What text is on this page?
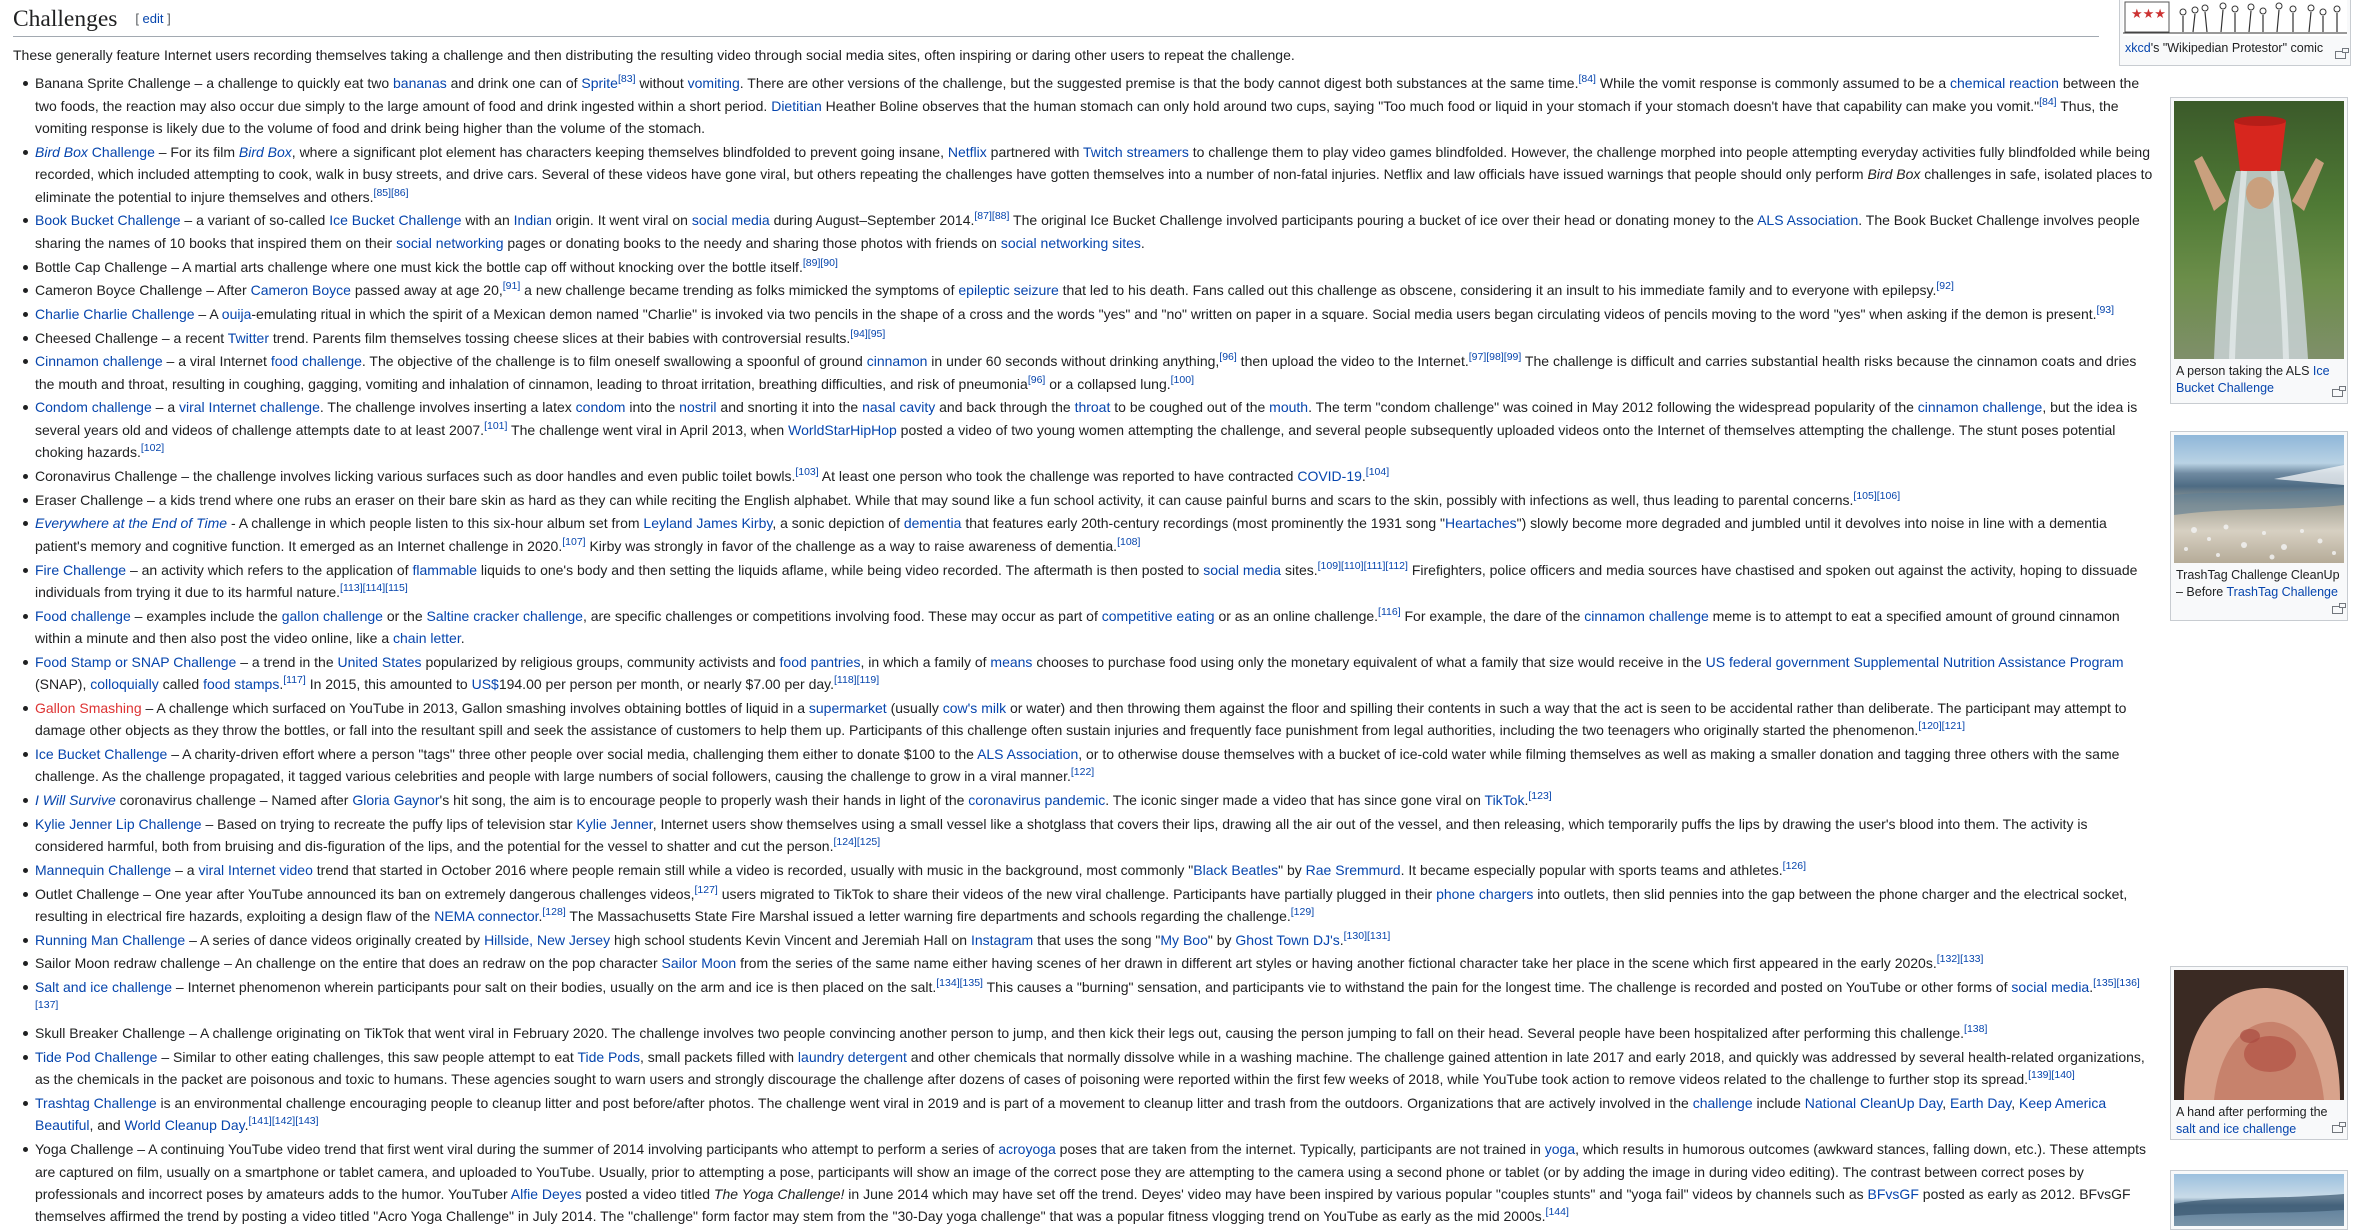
Challenges [ edit ]

These generally feature Internet users recording themselves taking a challenge and then distributing the resulting video through social media sites, often inspiring or daring other users to repeat the challenge.

Banana Sprite Challenge – a challenge to quickly eat two bananas and drink one can of Sprite[83] without vomiting. There are other versions of the challenge, but the suggested premise is that the body cannot digest both substances at the same time.[84] While the vomit response is commonly assumed to be a chemical reaction between the two foods, the reaction may also occur due simply to the large amount of food and drink ingested within a short period. Dietitian Heather Boline observes that the human stomach can only hold around two cups, saying "Too much food or liquid in your stomach if your stomach doesn't have that capability can make you vomit."[84] Thus, the vomiting response is likely due to the volume of food and drink being higher than the volume of the stomach.
Bird Box Challenge – For its film Bird Box, where a significant plot element has characters keeping themselves blindfolded to prevent going insane, Netflix partnered with Twitch streamers to challenge them to play video games blindfolded. However, the challenge morphed into people attempting everyday activities fully blindfolded while being recorded, which included attempting to cook, walk in busy streets, and drive cars. Several of these videos have gone viral, but others repeating the challenges have gotten themselves into a number of non-fatal injuries. Netflix and law officials have issued warnings that people should only perform Bird Box challenges in safe, isolated places to eliminate the potential to injure themselves and others.[85][86]
Book Bucket Challenge – a variant of so-called Ice Bucket Challenge with an Indian origin. It went viral on social media during August–September 2014.[87][88] The original Ice Bucket Challenge involved participants pouring a bucket of ice over their head or donating money to the ALS Association. The Book Bucket Challenge involves people sharing the names of 10 books that inspired them on their social networking pages or donating books to the needy and sharing those photos with friends on social networking sites.
Bottle Cap Challenge – A martial arts challenge where one must kick the bottle cap off without knocking over the bottle itself.[89][90]
Cameron Boyce Challenge – After Cameron Boyce passed away at age 20,[91] a new challenge became trending as folks mimicked the symptoms of epileptic seizure that led to his death. Fans called out this challenge as obscene, considering it an insult to his immediate family and to everyone with epilepsy.[92]
Charlie Charlie Challenge – A ouija-emulating ritual in which the spirit of a Mexican demon named "Charlie" is invoked via two pencils in the shape of a cross and the words "yes" and "no" written on paper in a square. Social media users began circulating videos of pencils moving to the word "yes" when asking if the demon is present.[93]
Cheesed Challenge – a recent Twitter trend. Parents film themselves tossing cheese slices at their babies with controversial results.[94][95]
Cinnamon challenge – a viral Internet food challenge. The objective of the challenge is to film oneself swallowing a spoonful of ground cinnamon in under 60 seconds without drinking anything,[96] then upload the video to the Internet.[97][98][99] The challenge is difficult and carries substantial health risks because the cinnamon coats and dries the mouth and throat, resulting in coughing, gagging, vomiting and inhalation of cinnamon, leading to throat irritation, breathing difficulties, and risk of pneumonia[96] or a collapsed lung.[100]
Condom challenge – a viral Internet challenge. The challenge involves inserting a latex condom into the nostril and snorting it into the nasal cavity and back through the throat to be coughed out of the mouth. The term "condom challenge" was coined in May 2012 following the widespread popularity of the cinnamon challenge, but the idea is several years old and videos of challenge attempts date to at least 2007.[101] The challenge went viral in April 2013, when WorldStarHipHop posted a video of two young women attempting the challenge, and several people subsequently uploaded videos onto the Internet of themselves attempting the challenge. The stunt poses potential choking hazards.[102]
Coronavirus Challenge – the challenge involves licking various surfaces such as door handles and even public toilet bowls.[103] At least one person who took the challenge was reported to have contracted COVID-19.[104]
Eraser Challenge – a kids trend where one rubs an eraser on their bare skin as hard as they can while reciting the English alphabet. While that may sound like a fun school activity, it can cause painful burns and scars to the skin, possibly with infections as well, thus leading to parental concerns.[105][106]
Everywhere at the End of Time - A challenge in which people listen to this six-hour album set from Leyland James Kirby, a sonic depiction of dementia that features early 20th-century recordings (most prominently the 1931 song "Heartaches") slowly become more degraded and jumbled until it devolves into noise in line with a dementia patient's memory and cognitive function. It emerged as an Internet challenge in 2020.[107] Kirby was strongly in favor of the challenge as a way to raise awareness of dementia.[108]
Fire Challenge – an activity which refers to the application of flammable liquids to one's body and then setting the liquids aflame, while being video recorded. The aftermath is then posted to social media sites.[109][110][111][112] Firefighters, police officers and media sources have chastised and spoken out against the activity, hoping to dissuade individuals from trying it due to its harmful nature.[113][114][115]
Food challenge – examples include the gallon challenge or the Saltine cracker challenge, are specific challenges or competitions involving food. These may occur as part of competitive eating or as an online challenge.[116] For example, the dare of the cinnamon challenge meme is to attempt to eat a specified amount of ground cinnamon within a minute and then also post the video online, like a chain letter.
Food Stamp or SNAP Challenge – a trend in the United States popularized by religious groups, community activists and food pantries, in which a family of means chooses to purchase food using only the monetary equivalent of what a family that size would receive in the US federal government Supplemental Nutrition Assistance Program (SNAP), colloquially called food stamps.[117] In 2015, this amounted to US$194.00 per person per month, or nearly $7.00 per day.[118][119]
Gallon Smashing – A challenge which surfaced on YouTube in 2013, Gallon smashing involves obtaining bottles of liquid in a supermarket (usually cow's milk or water) and then throwing them against the floor and spilling their contents in such a way that the act is seen to be accidental rather than deliberate. The participant may attempt to damage other objects as they throw the bottles, or fall into the resultant spill and seek the assistance of customers to help them up. Participants of this challenge often sustain injuries and frequently face punishment from legal authorities, including the two teenagers who originally started the phenomenon.[120][121]
Ice Bucket Challenge – A charity-driven effort where a person "tags" three other people over social media, challenging them either to donate $100 to the ALS Association, or to otherwise douse themselves with a bucket of ice-cold water while filming themselves as well as making a smaller donation and tagging three others with the same challenge. As the challenge propagated, it tagged various celebrities and people with large numbers of social followers, causing the challenge to grow in a viral manner.[122]
I Will Survive coronavirus challenge – Named after Gloria Gaynor's hit song, the aim is to encourage people to properly wash their hands in light of the coronavirus pandemic. The iconic singer made a video that has since gone viral on TikTok.[123]
Kylie Jenner Lip Challenge – Based on trying to recreate the puffy lips of television star Kylie Jenner, Internet users show themselves using a small vessel like a shotglass that covers their lips, drawing all the air out of the vessel, and then releasing, which temporarily puffs the lips by drawing the user's blood into them. The activity is considered harmful, both from bruising and dis-figuration of the lips, and the potential for the vessel to shatter and cut the person.[124][125]
Mannequin Challenge – a viral Internet video trend that started in October 2016 where people remain still while a video is recorded, usually with music in the background, most commonly "Black Beatles" by Rae Sremmurd. It became especially popular with sports teams and athletes.[126]
Outlet Challenge – One year after YouTube announced its ban on extremely dangerous challenges videos,[127] users migrated to TikTok to share their videos of the new viral challenge. Participants have partially plugged in their phone chargers into outlets, then slid pennies into the gap between the phone charger and the electrical socket, resulting in electrical fire hazards, exploiting a design flaw of the NEMA connector.[128] The Massachusetts State Fire Marshal issued a letter warning fire departments and schools regarding the challenge.[129]
Running Man Challenge – A series of dance videos originally created by Hillside, New Jersey high school students Kevin Vincent and Jeremiah Hall on Instagram that uses the song "My Boo" by Ghost Town DJ's.[130][131]
Sailor Moon redraw challenge – An challenge on the entire that does an redraw on the pop character Sailor Moon from the series of the same name either having scenes of her drawn in different art styles or having another fictional character take her place in the scene which first appeared in the early 2020s.[132][133]
Salt and ice challenge – Internet phenomenon wherein participants pour salt on their bodies, usually on the arm and ice is then placed on the salt.[134][135] This causes a "burning" sensation, and participants vie to withstand the pain for the longest time. The challenge is recorded and posted on YouTube or other forms of social media.[135][136][137]
Skull Breaker Challenge – A challenge originating on TikTok that went viral in February 2020. The challenge involves two people convincing another person to jump, and then kick their legs out, causing the person jumping to fall on their head. Several people have been hospitalized after performing this challenge.[138]
Tide Pod Challenge – Similar to other eating challenges, this saw people attempt to eat Tide Pods, small packets filled with laundry detergent and other chemicals that normally dissolve while in a washing machine. The challenge gained attention in late 2017 and early 2018, and quickly was addressed by several health-related organizations, as the chemicals in the packet are poisonous and toxic to humans. These agencies sought to warn users and strongly discourage the challenge after dozens of cases of poisoning were reported within the first few weeks of 2018, while YouTube took action to remove videos related to the challenge to further stop its spread.[139][140]
Trashtag Challenge is an environmental challenge encouraging people to cleanup litter and post before/after photos. The challenge went viral in 2019 and is part of a movement to cleanup litter and trash from the outdoors. Organizations that are actively involved in the challenge include National CleanUp Day, Earth Day, Keep America Beautiful, and World Cleanup Day.[141][142][143]
Yoga Challenge – A continuing YouTube video trend that first went viral during the summer of 2014 involving participants who attempt to perform a series of acroyoga poses that are taken from the internet. Typically, participants are not trained in yoga, which results in humorous outcomes (awkward stances, falling down, etc.). These attempts are captured on film, usually on a smartphone or tablet camera, and uploaded to YouTube. Usually, prior to attempting a pose, participants will show an image of the correct pose they are attempting to the camera using a second phone or tablet (or by adding the image in during video editing). The contrast between correct poses by professionals and incorrect poses by amateurs adds to the humor. YouTuber Alfie Deyes posted a video titled The Yoga Challenge! in June 2014 which may have set off the trend. Deyes' video may have been inspired by various popular "couples stunts" and "yoga fail" videos by channels such as BFvsGF posted as early as 2012. BFvsGF themselves affirmed the trend by posting a video titled "Acro Yoga Challenge" in July 2014. The "challenge" form factor may stem from the "30-Day yoga challenge" that was a popular fitness vlogging trend on YouTube as early as the mid 2000s.[144]
★★★
xkcd's "Wikipedian Protestor" comic
A person taking the ALS Ice Bucket Challenge
TrashTag Challenge CleanUp – Before TrashTag Challenge
A hand after performing the salt and ice challenge
